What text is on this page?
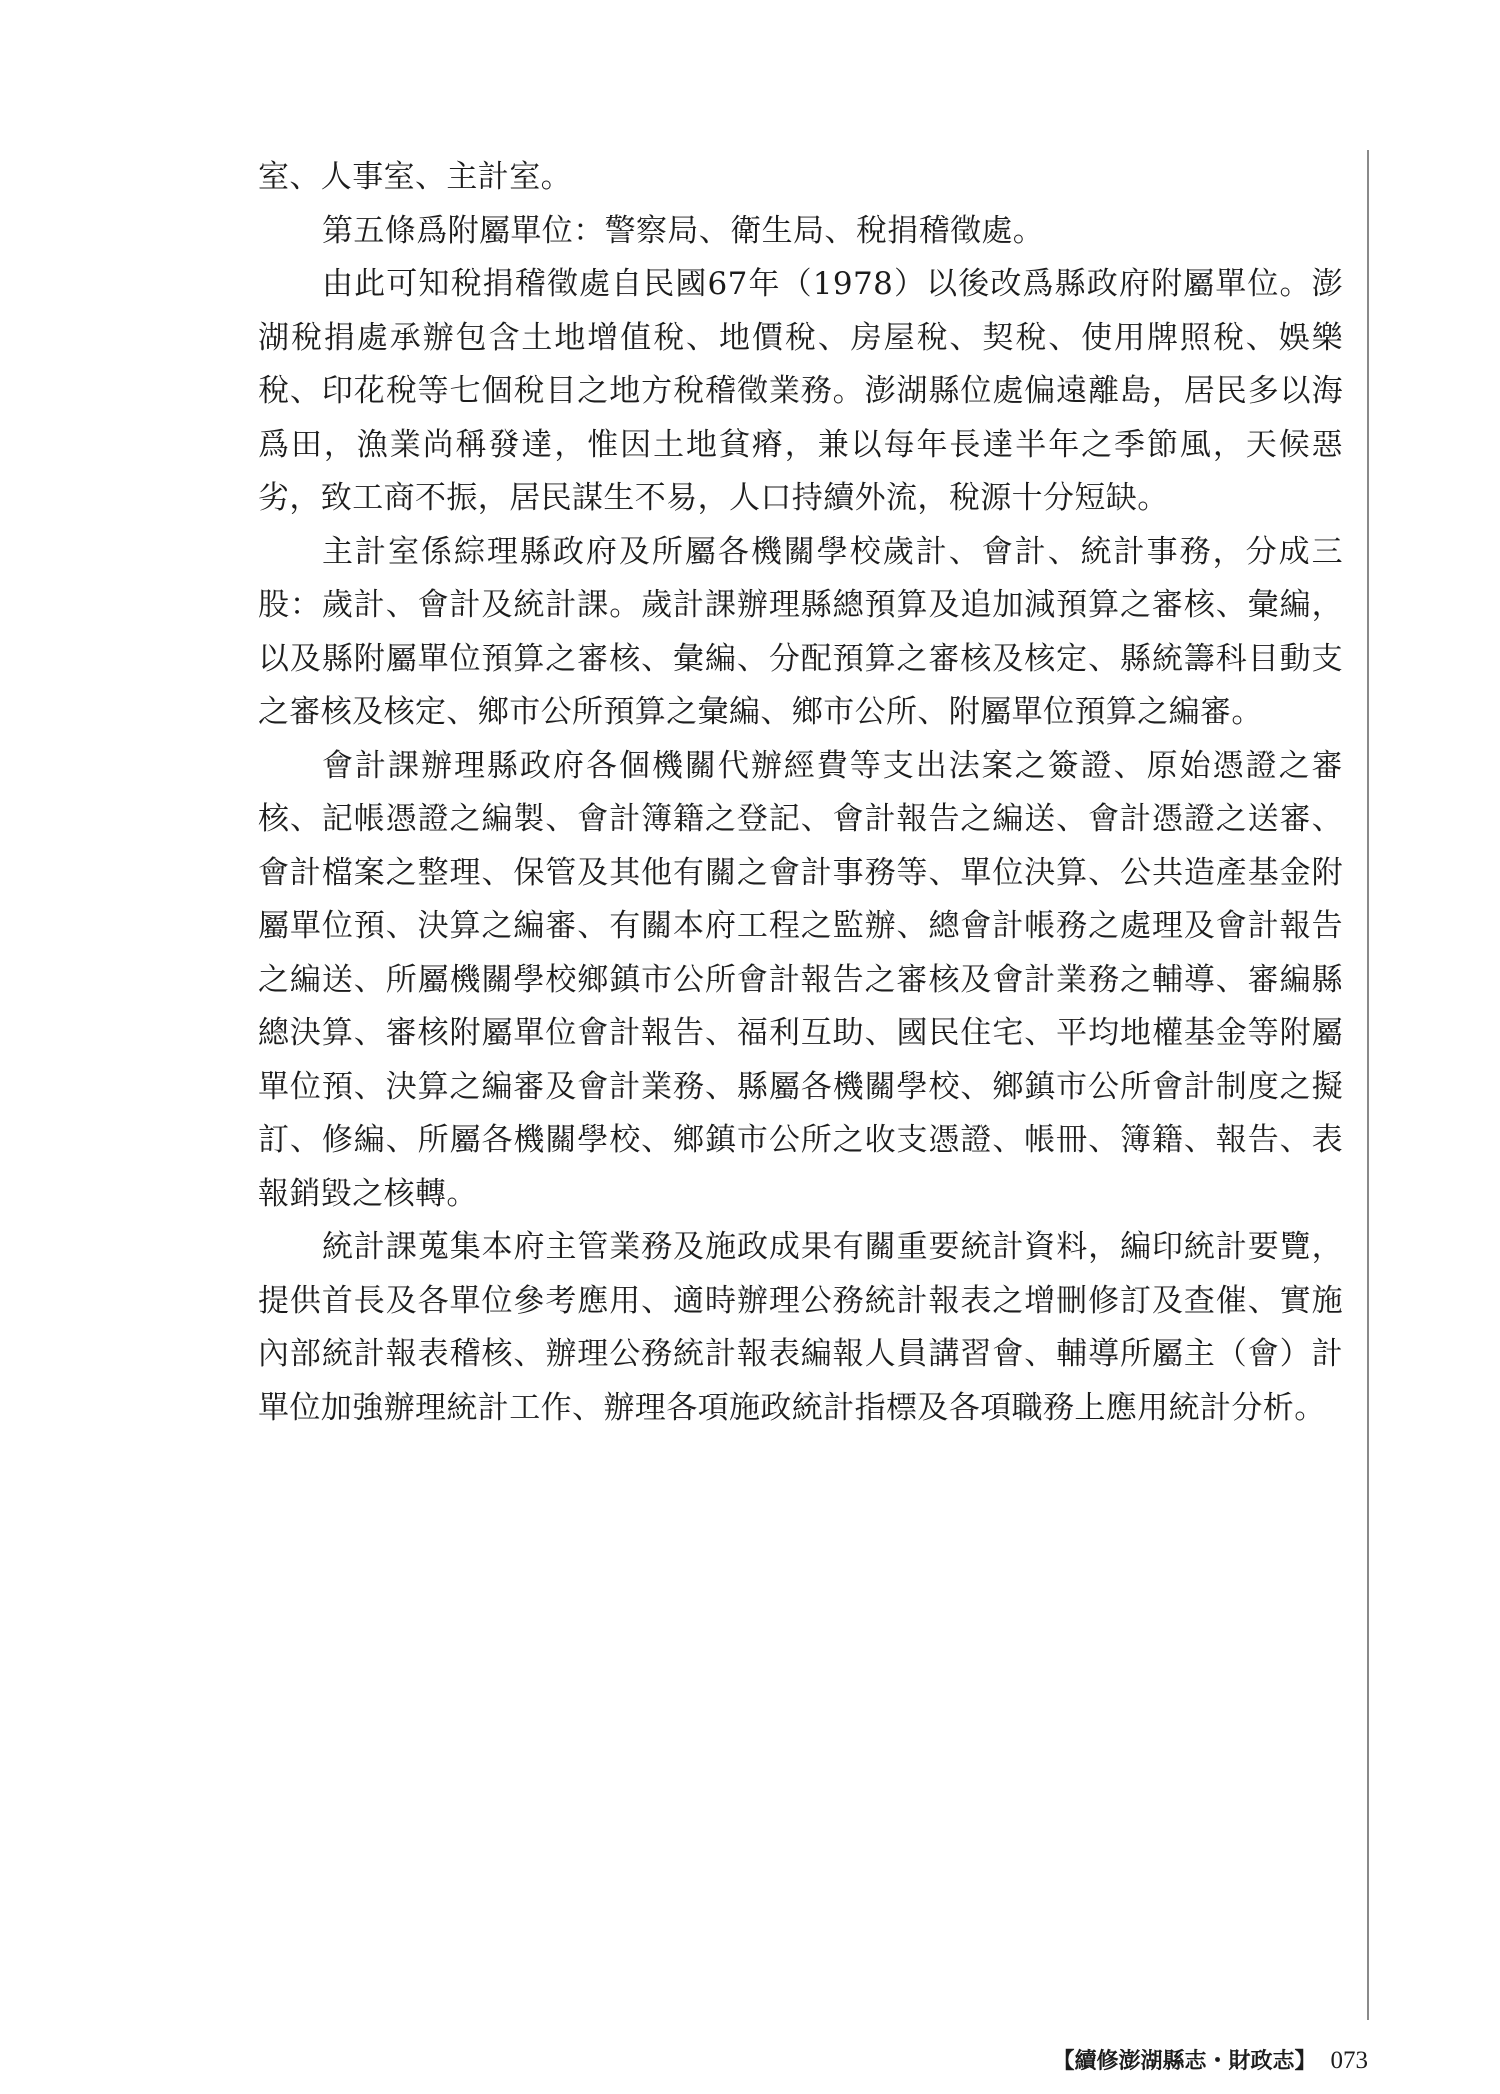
室、人事室、主計室。

第五條爲附屬單位：警察局、衛生局、稅捐稽徵處。

由此可知稅捐稽徵處自民國67年（1978）以後改爲縣政府附屬單位。澎湖稅捐處承辦包含土地增值稅、地價稅、房屋稅、契稅、使用牌照稅、娛樂稅、印花稅等七個稅目之地方稅稽徵業務。澎湖縣位處偏遠離島，居民多以海爲田，漁業尚稱發達，惟因土地貧瘠，兼以每年長達半年之季節風，天候惡劣，致工商不振，居民謀生不易，人口持續外流，稅源十分短缺。

主計室係綜理縣政府及所屬各機關學校歲計、會計、統計事務，分成三股：歲計、會計及統計課。歲計課辦理縣總預算及追加減預算之審核、彙編，以及縣附屬單位預算之審核、彙編、分配預算之審核及核定、縣統籌科目動支之審核及核定、鄉市公所預算之彙編、鄉市公所、附屬單位預算之編審。

會計課辦理縣政府各個機關代辦經費等支出法案之簽證、原始憑證之審核、記帳憑證之編製、會計簿籍之登記、會計報告之編送、會計憑證之送審、會計檔案之整理、保管及其他有關之會計事務等、單位決算、公共造產基金附屬單位預、決算之編審、有關本府工程之監辦、總會計帳務之處理及會計報告之編送、所屬機關學校鄉鎮市公所會計報告之審核及會計業務之輔導、審編縣總決算、審核附屬單位會計報告、福利互助、國民住宅、平均地權基金等附屬單位預、決算之編審及會計業務、縣屬各機關學校、鄉鎮市公所會計制度之擬訂、修編、所屬各機關學校、鄉鎮市公所之收支憑證、帳冊、簿籍、報告、表報銷毀之核轉。

統計課蒐集本府主管業務及施政成果有關重要統計資料，編印統計要覽，提供首長及各單位參考應用、適時辦理公務統計報表之增刪修訂及查催、實施內部統計報表稽核、辦理公務統計報表編報人員講習會、輔導所屬主（會）計單位加強辦理統計工作、辦理各項施政統計指標及各項職務上應用統計分析。

【續修澎湖縣志・財政志】 073
